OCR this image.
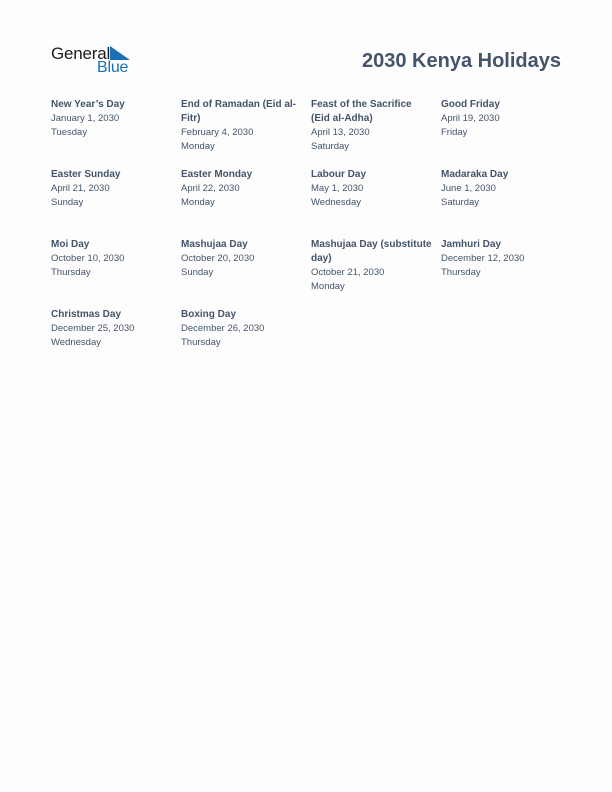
General
Blue	2030 Kenya Holidays
New Year’s Day
January 1, 2030
Tuesday
End of Ramadan (Eid al-Fitr)
February 4, 2030
Monday
Feast of the Sacrifice (Eid al-Adha)
April 13, 2030
Saturday
Good Friday
April 19, 2030
Friday
Easter Sunday
April 21, 2030
Sunday
Easter Monday
April 22, 2030
Monday
Labour Day
May 1, 2030
Wednesday
Madaraka Day
June 1, 2030
Saturday
Moi Day
October 10, 2030
Thursday
Mashujaa Day
October 20, 2030
Sunday
Mashujaa Day (substitute day)
October 21, 2030
Monday
Jamhuri Day
December 12, 2030
Thursday
Christmas Day
December 25, 2030
Wednesday
Boxing Day
December 26, 2030
Thursday
